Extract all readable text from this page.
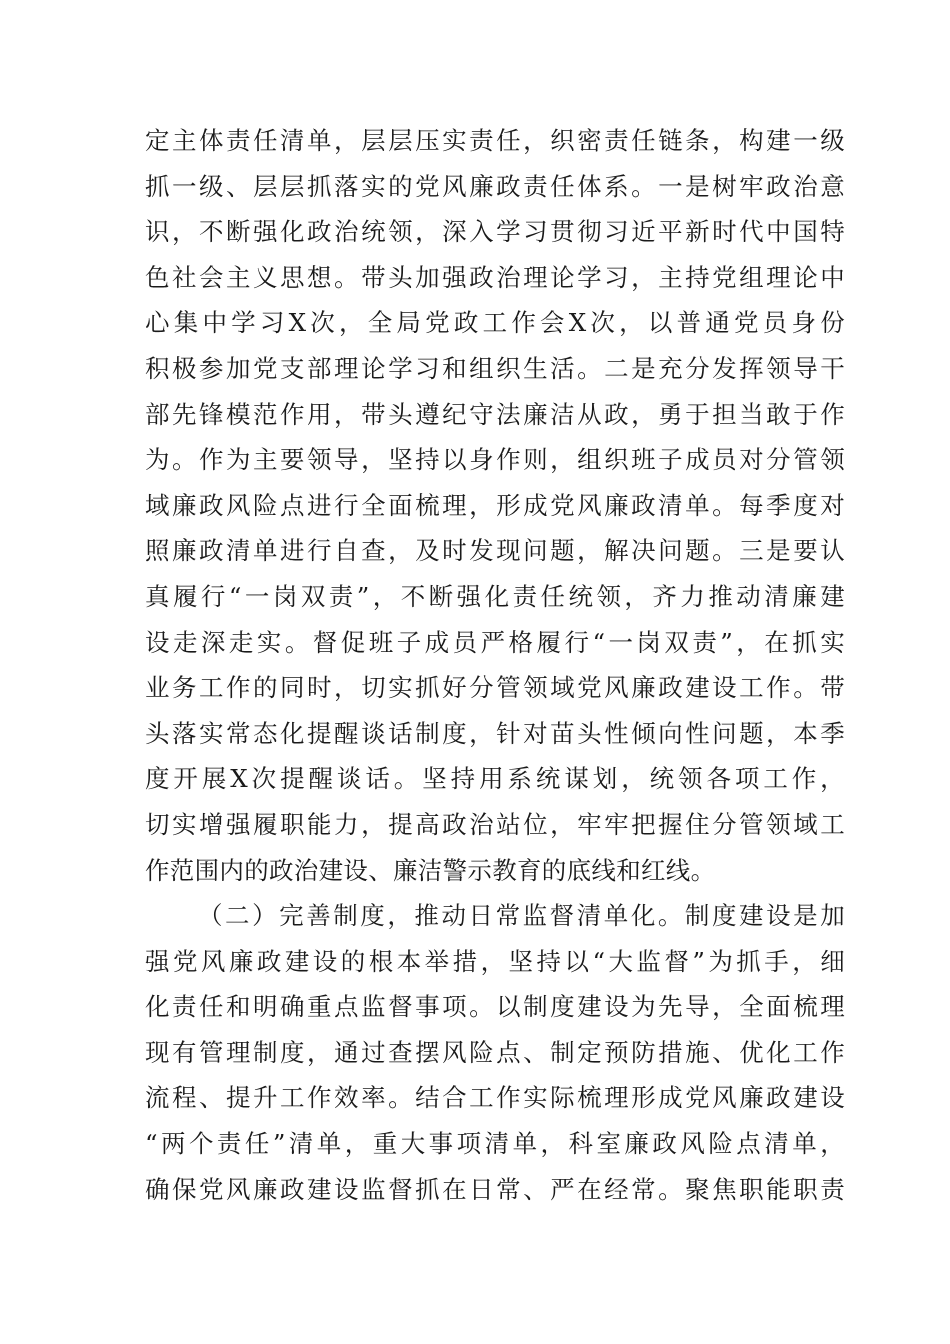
定主体责任清单，层层压实责任，织密责任链条，构建一级
抓一级、层层抓落实的党风廉政责任体系。一是树牢政治意
识，不断强化政治统领，深入学习贯彻习近平新时代中国特
色社会主义思想。带头加强政治理论学习，主持党组理论中
心集中学习X次，全局党政工作会X次，以普通党员身份
积极参加党支部理论学习和组织生活。二是充分发挥领导干
部先锋模范作用，带头遵纪守法廉洁从政，勇于担当敢于作
为。作为主要领导，坚持以身作则，组织班子成员对分管领
域廉政风险点进行全面梳理，形成党风廉政清单。每季度对
照廉政清单进行自查，及时发现问题，解决问题。三是要认
真履行“一岗双责”，不断强化责任统领，齐力推动清廉建
设走深走实。督促班子成员严格履行“一岗双责”，在抓实
业务工作的同时，切实抓好分管领域党风廉政建设工作。带
头落实常态化提醒谈话制度，针对苗头性倾向性问题，本季
度开展X次提醒谈话。坚持用系统谋划，统领各项工作，
切实增强履职能力，提高政治站位，牢牢把握住分管领域工
作范围内的政治建设、廉洁警示教育的底线和红线。
（二）完善制度，推动日常监督清单化。制度建设是加
强党风廉政建设的根本举措，坚持以“大监督”为抓手，细
化责任和明确重点监督事项。以制度建设为先导，全面梳理
现有管理制度，通过查摆风险点、制定预防措施、优化工作
流程、提升工作效率。结合工作实际梳理形成党风廉政建设
“两个责任”清单，重大事项清单，科室廉政风险点清单，
确保党风廉政建设监督抓在日常、严在经常。聚焦职能职责
